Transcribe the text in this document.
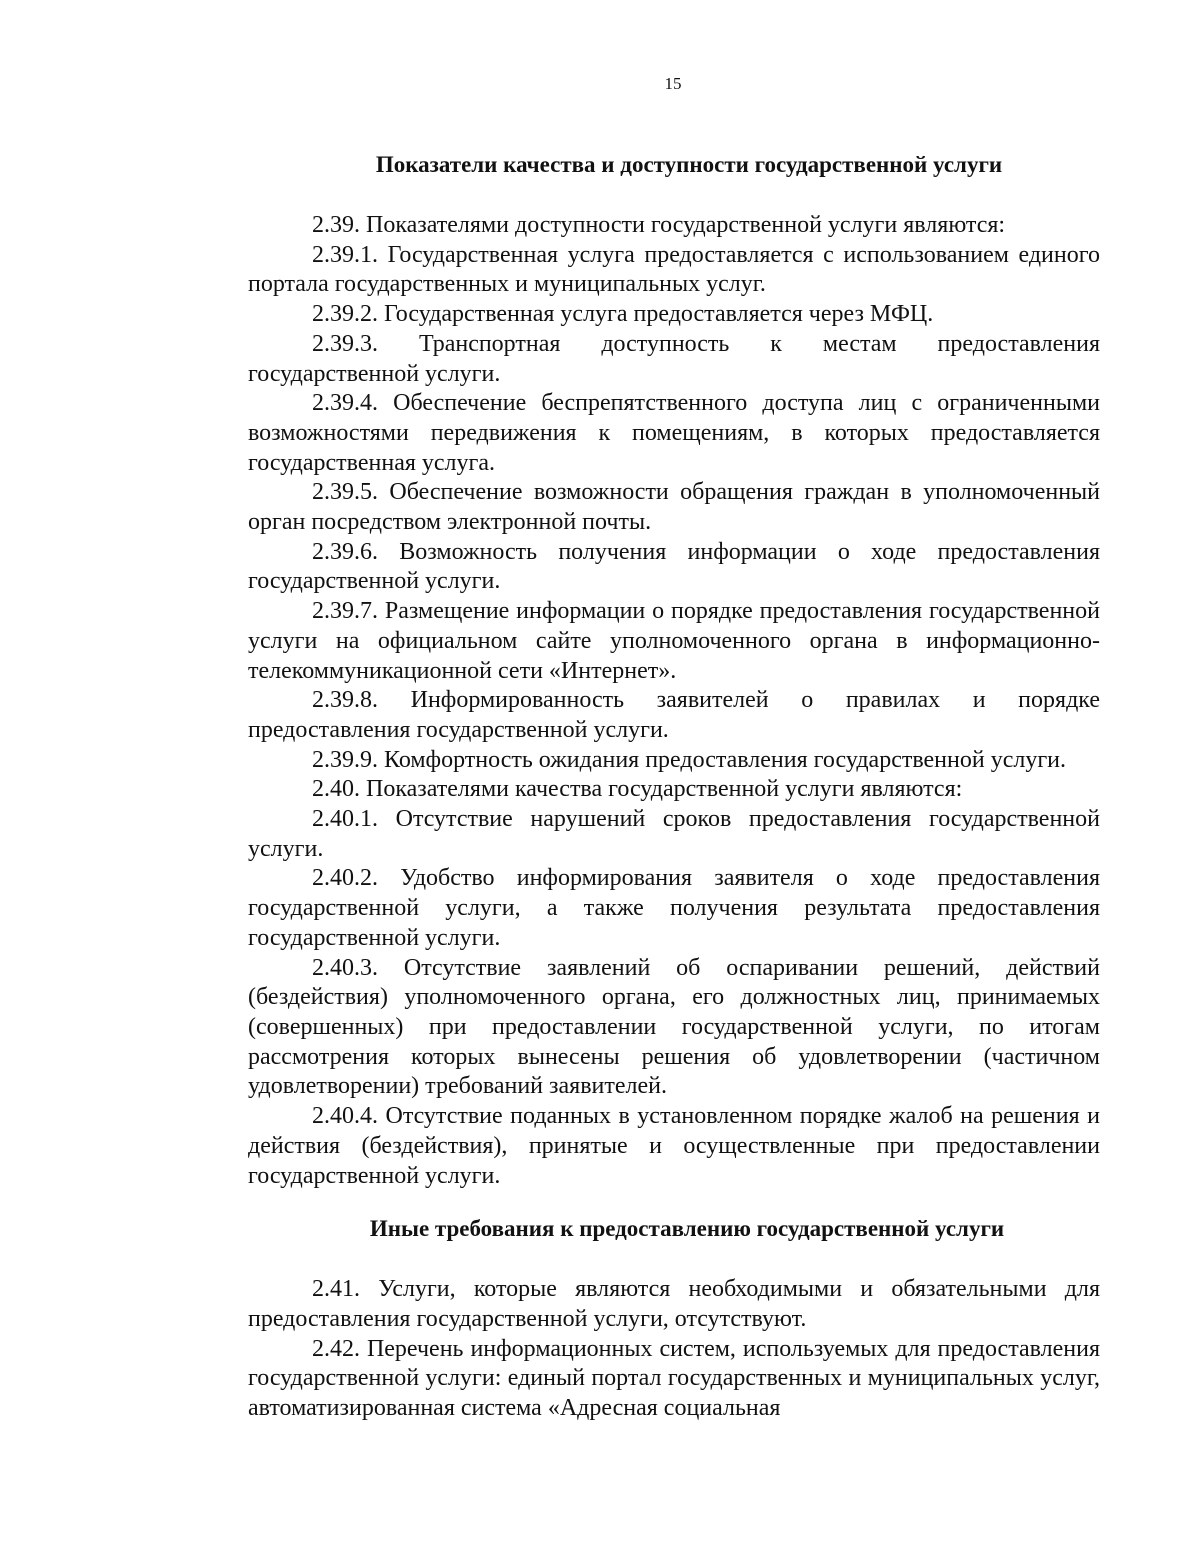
15
Показатели качества и доступности государственной услуги

2.39. Показателями доступности государственной услуги являются:

2.39.1. Государственная услуга предоставляется с использованием единого портала государственных и муниципальных услуг.

2.39.2. Государственная услуга предоставляется через МФЦ.

2.39.3. Транспортная доступность к местам предоставления государственной услуги.

2.39.4. Обеспечение беспрепятственного доступа лиц с ограниченными возможностями передвижения к помещениям, в которых предоставляется государственная услуга.

2.39.5. Обеспечение возможности обращения граждан в уполномоченный орган посредством электронной почты.

2.39.6. Возможность получения информации о ходе предоставления государственной услуги.

2.39.7. Размещение информации о порядке предоставления государственной услуги на официальном сайте уполномоченного органа в информационно-телекоммуникационной сети «Интернет».

2.39.8. Информированность заявителей о правилах и порядке предоставления государственной услуги.

2.39.9. Комфортность ожидания предоставления государственной услуги.

2.40. Показателями качества государственной услуги являются:

2.40.1. Отсутствие нарушений сроков предоставления государственной услуги.

2.40.2. Удобство информирования заявителя о ходе предоставления государственной услуги, а также получения результата предоставления государственной услуги.

2.40.3. Отсутствие заявлений об оспаривании решений, действий (бездействия) уполномоченного органа, его должностных лиц, принимаемых (совершенных) при предоставлении государственной услуги, по итогам рассмотрения которых вынесены решения об удовлетворении (частичном удовлетворении) требований заявителей.

2.40.4. Отсутствие поданных в установленном порядке жалоб на решения и действия (бездействия), принятые и осуществленные при предоставлении государственной услуги.

Иные требования к предоставлению государственной услуги

2.41. Услуги, которые являются необходимыми и обязательными для предоставления государственной услуги, отсутствуют.

2.42. Перечень информационных систем, используемых для предоставления государственной услуги: единый портал государственных и муниципальных услуг, автоматизированная система «Адресная социальная
